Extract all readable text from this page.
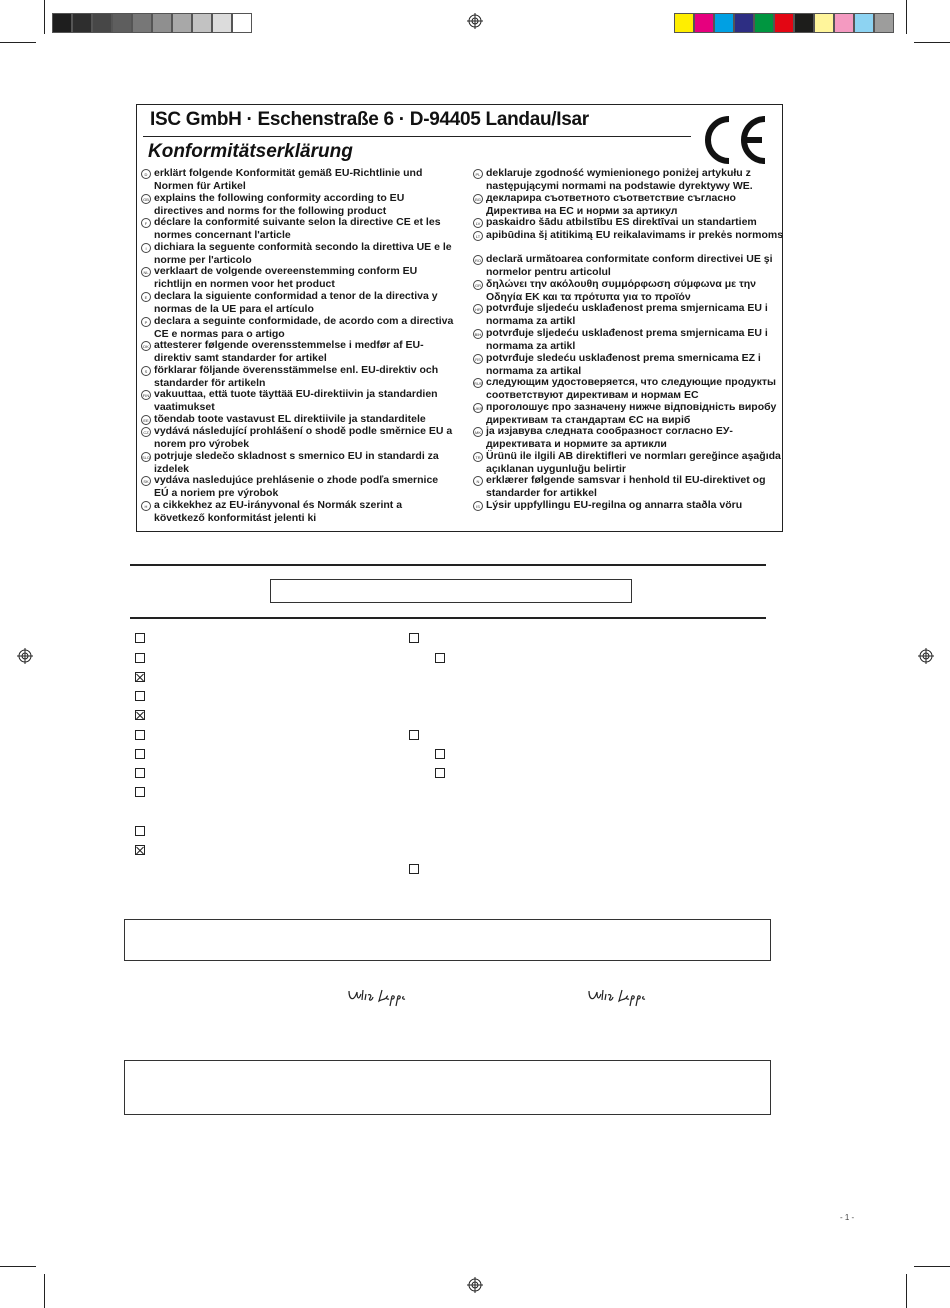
ISC GmbH · Eschenstraße 6 · D-94405 Landau/Isar
Konformitätserklärung
D erklärt folgende Konformität gemäß EU-Richtlinie und Normen für Artikel
GB explains the following conformity according to EU directives and norms for the following product
F déclare la conformité suivante selon la directive CE et les normes concernant l'article
I dichiara la seguente conformità secondo la direttiva UE e le norme per l'articolo
NL verklaart de volgende overeenstemming conform EU richtlijn en normen voor het product
E declara la siguiente conformidad a tenor de la directiva y normas de la UE para el artículo
P declara a seguinte conformidade, de acordo com a directiva CE e normas para o artigo
DK attesterer følgende overensstemmelse i medfør af EU-direktiv samt standarder for artikel
S förklarar följande överensstämmelse enl. EU-direktiv och standarder för artikeln
FIN vakuuttaa, että tuote täyttää EU-direktiivin ja standardien vaatimukset
EE tõendab toote vastavust EL direktiivile ja standarditele
CZ vydává následující prohlášení o shodě podle směrnice EU a norem pro výrobek
SLO potrjuje sledečo skladnost s smernico EU in standardi za izdelek
SK vydáva nasledujúce prehlásenie o zhode podľa smernice EÚ a noriem pre výrobok
H a cikkekhez az EU-irányvonal és Normák szerint a következő konformitást jelenti ki
PL deklaruje zgodność wymienionego poniżej artykułu z następującymi normami na podstawie dyrektywy WE.
BG декларира съответното съответствие съгласно Директива на ЕС и норми за артикул
LV paskaidro šādu atbilstību ES direktīvai un standartiem
LT apibūdina šį atitikimą EU reikalavimams ir prekės normoms
RO declară următoarea conformitate conform directivei UE şi normelor pentru articolul
GR δηλώνει την ακόλουθη συμμόρφωση σύμφωνα με την Οδηγία ΕΚ και τα πρότυπα για το προϊόν
HR potvrđuje sljedeću usklađenost prema smjernicama EU i normama za artikl
BIH potvrđuje sljedeću usklađenost prema smjernicama EU i normama za artikl
RS potvrđuje sledeću usklađenost prema smernicama EZ i normama za artikal
RUS следующим удостоверяется, что следующие продукты соответствуют директивам и нормам ЕС
UKR проголошує про зазначену нижче відповідність виробу директивам та стандартам ЄС на виріб
MK ја изјавува следната сообразност согласно ЕУ-директивата и нормите за артикли
TR Ürünü ile ilgili AB direktifleri ve normları gereğince aşağıda açıklanan uygunluğu belirtir
N erklærer følgende samsvar i henhold til EU-direktivet og standarder for artikkel
IS Lýsir uppfyllingu EU-regilna og annarra staðla vöru
- 1 -
